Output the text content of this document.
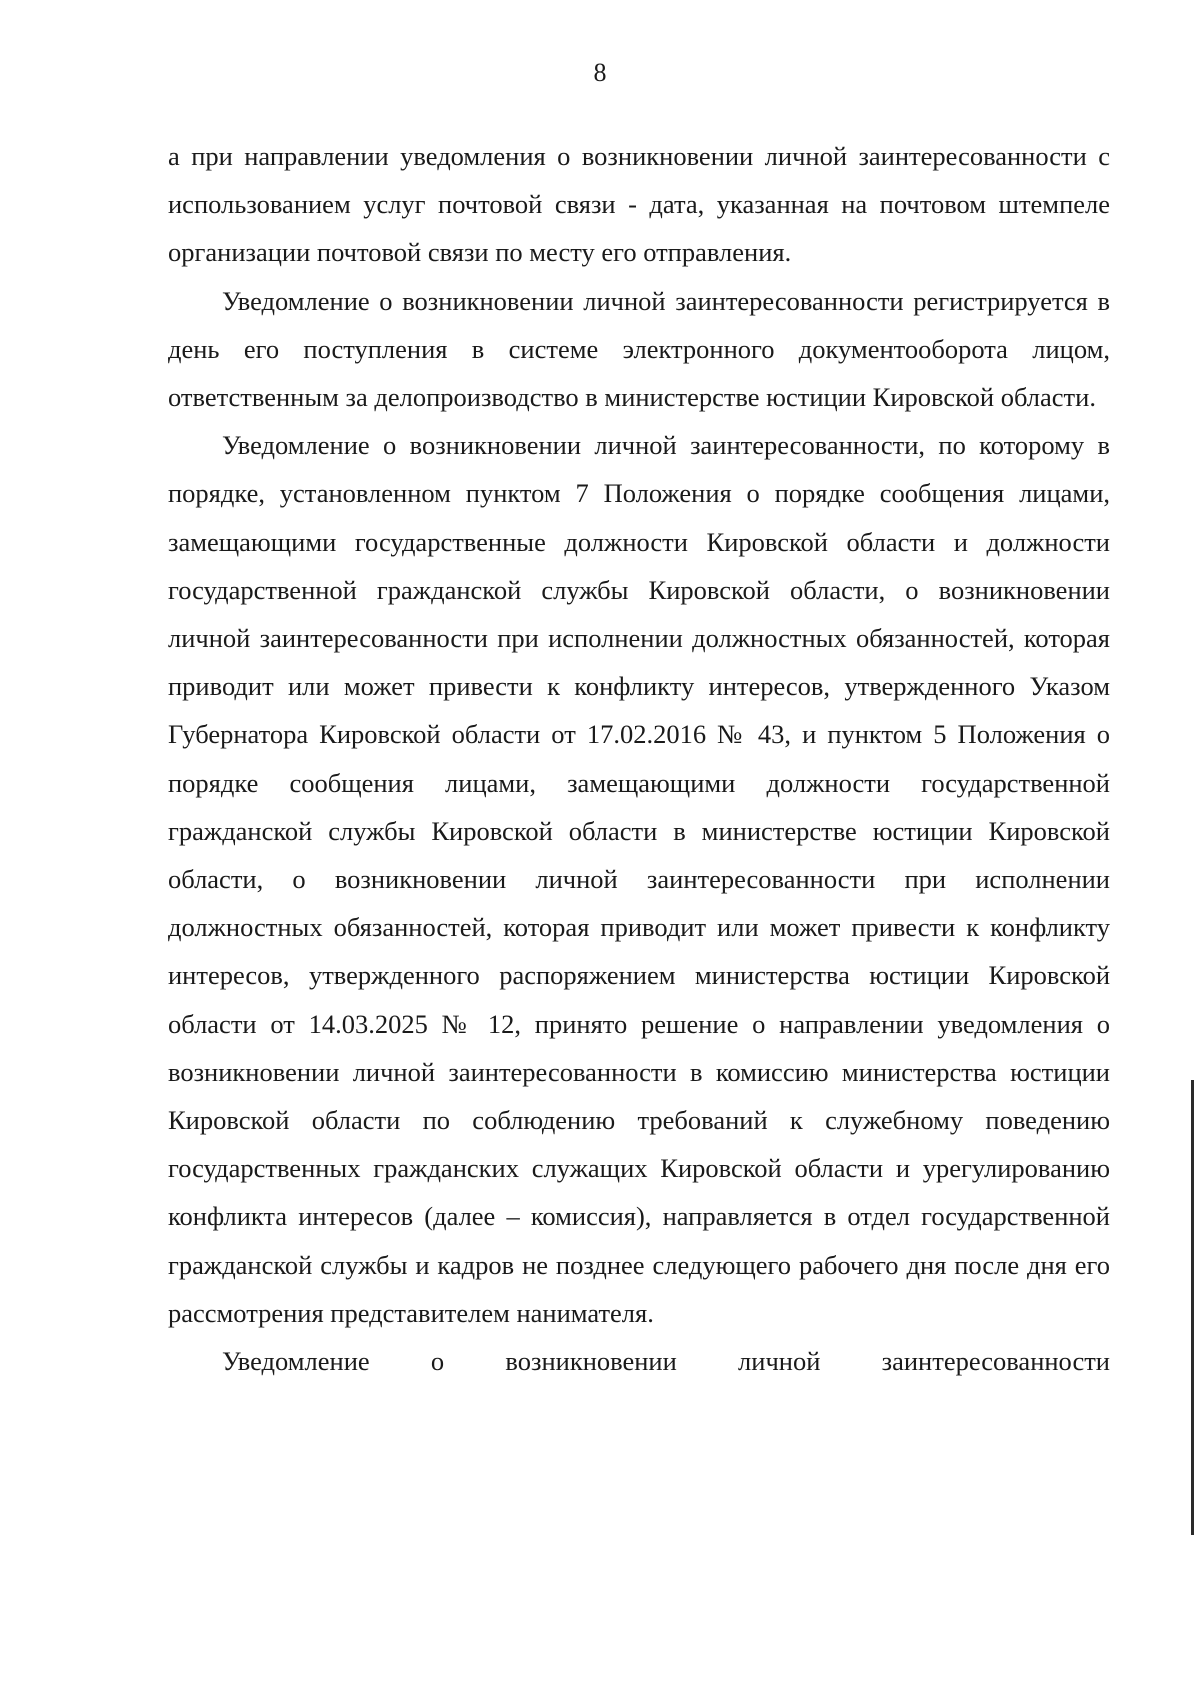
8

а при направлении уведомления о возникновении личной заинтересованности с использованием услуг почтовой связи - дата, указанная на почтовом штемпеле организации почтовой связи по месту его отправления.

Уведомление о возникновении личной заинтересованности регистрируется в день его поступления в системе электронного документооборота лицом, ответственным за делопроизводство в министерстве юстиции Кировской области.

Уведомление о возникновении личной заинтересованности, по которому в порядке, установленном пунктом 7 Положения о порядке сообщения лицами, замещающими государственные должности Кировской области и должности государственной гражданской службы Кировской области, о возникновении личной заинтересованности при исполнении должностных обязанностей, которая приводит или может привести к конфликту интересов, утвержденного Указом Губернатора Кировской области от 17.02.2016 № 43, и пунктом 5 Положения о порядке сообщения лицами, замещающими должности государственной гражданской службы Кировской области в министерстве юстиции Кировской области, о возникновении личной заинтересованности при исполнении должностных обязанностей, которая приводит или может привести к конфликту интересов, утвержденного распоряжением министерства юстиции Кировской области от 14.03.2025 № 12, принято решение о направлении уведомления о возникновении личной заинтересованности в комиссию министерства юстиции Кировской области по соблюдению требований к служебному поведению государственных гражданских служащих Кировской области и урегулированию конфликта интересов (далее – комиссия), направляется в отдел государственной гражданской службы и кадров не позднее следующего рабочего дня после дня его рассмотрения представителем нанимателя.

Уведомление о возникновении личной заинтересованности
